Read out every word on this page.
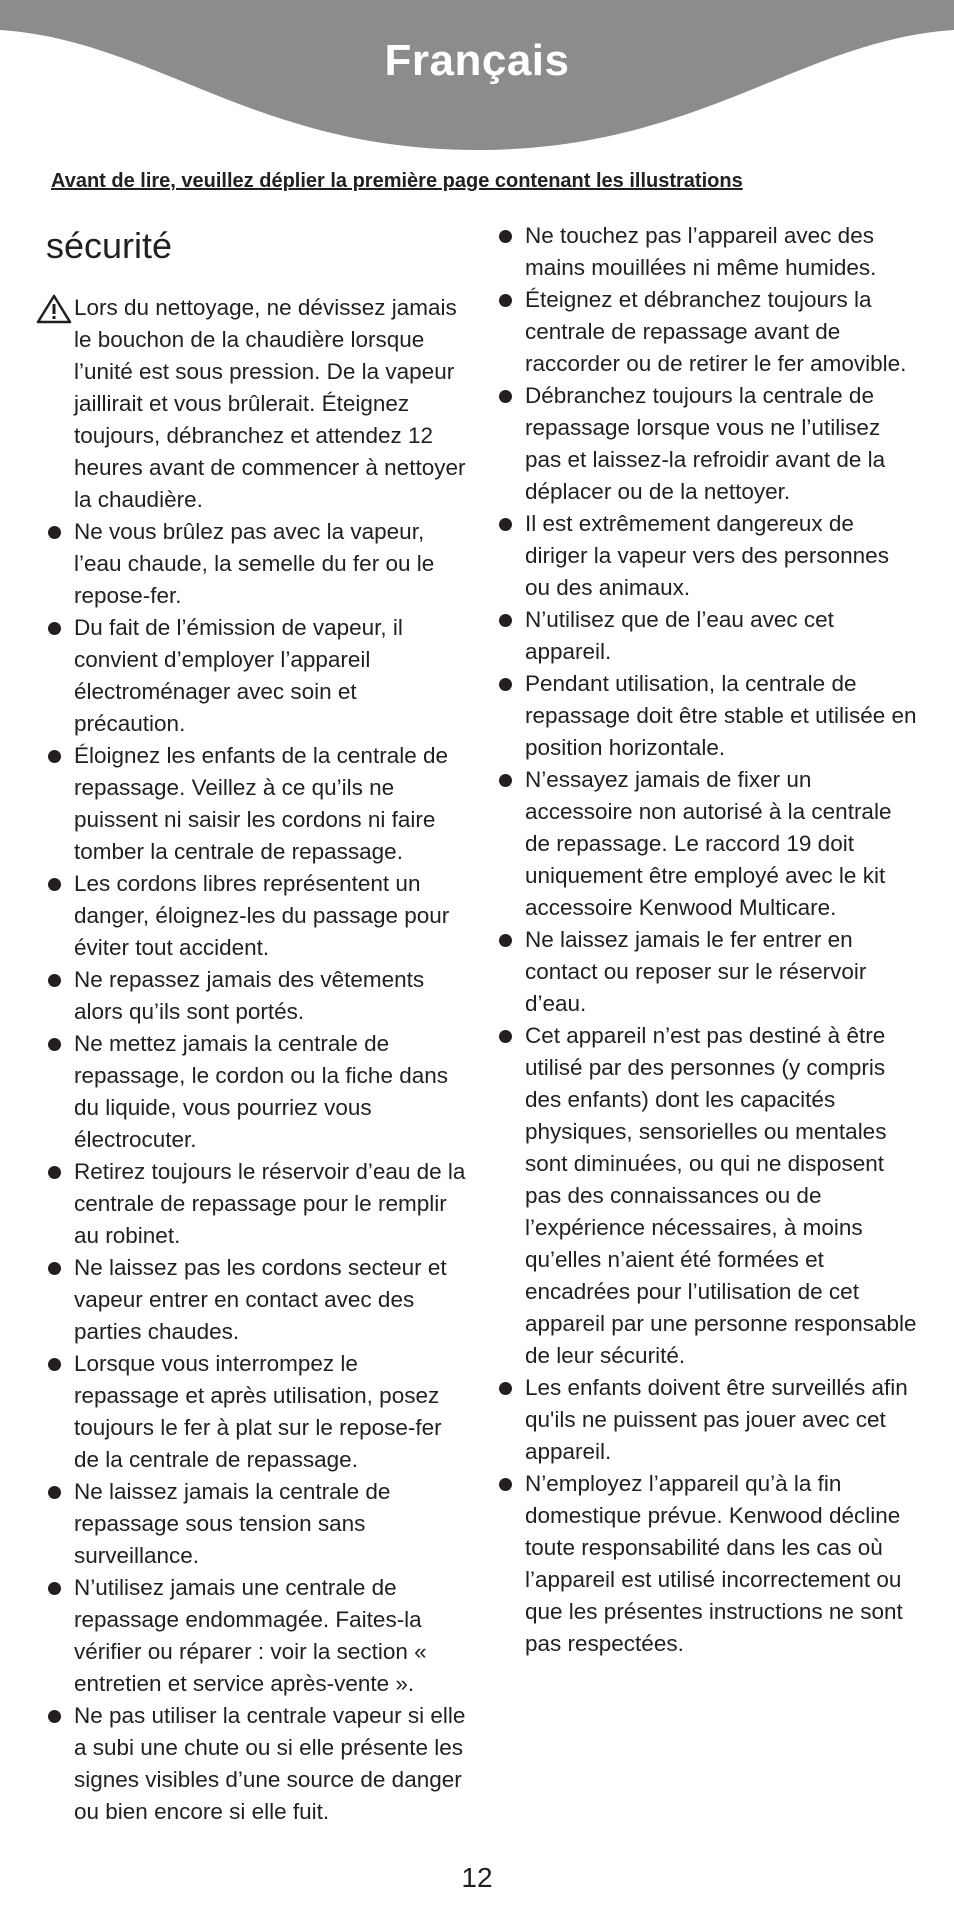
Français
Avant de lire, veuillez déplier la première page contenant les illustrations
sécurité
Lors du nettoyage, ne dévissez jamais le bouchon de la chaudière lorsque l’unité est sous pression. De la vapeur jaillirait et vous brûlerait. Éteignez toujours, débranchez et attendez 12 heures avant de commencer à nettoyer la chaudière.
Ne vous brûlez pas avec la vapeur, l’eau chaude, la semelle du fer ou le repose-fer.
Du fait de l’émission de vapeur, il convient d’employer l’appareil électroménager avec soin et précaution.
Éloignez les enfants de la centrale de repassage. Veillez à ce qu’ils ne puissent ni saisir les cordons ni faire tomber la centrale de repassage.
Les cordons libres représentent un danger, éloignez-les du passage pour éviter tout accident.
Ne repassez jamais des vêtements alors qu’ils sont portés.
Ne mettez jamais la centrale de repassage, le cordon ou la fiche dans du liquide, vous pourriez vous électrocuter.
Retirez toujours le réservoir d’eau de la centrale de repassage pour le remplir au robinet.
Ne laissez pas les cordons secteur et vapeur entrer en contact avec des parties chaudes.
Lorsque vous interrompez le repassage et après utilisation, posez toujours le fer à plat sur le repose-fer de la centrale de repassage.
Ne laissez jamais la centrale de repassage sous tension sans surveillance.
N’utilisez jamais une centrale de repassage endommagée. Faites-la vérifier ou réparer : voir la section « entretien et service après-vente ».
Ne pas utiliser la centrale vapeur si elle a subi une chute ou si elle présente les signes visibles d’une source de danger ou bien encore si elle fuit.
Ne touchez pas l’appareil avec des mains mouillées ni même humides.
Éteignez et débranchez toujours la centrale de repassage avant de raccorder ou de retirer le fer amovible.
Débranchez toujours la centrale de repassage lorsque vous ne l’utilisez pas et laissez-la refroidir avant de la déplacer ou de la nettoyer.
Il est extrêmement dangereux de diriger la vapeur vers des personnes ou des animaux.
N’utilisez que de l’eau avec cet appareil.
Pendant utilisation, la centrale de repassage doit être stable et utilisée en position horizontale.
N’essayez jamais de fixer un accessoire non autorisé à la centrale de repassage. Le raccord 19 doit uniquement être employé avec le kit accessoire Kenwood Multicare.
Ne laissez jamais le fer entrer en contact ou reposer sur le réservoir d’eau.
Cet appareil n’est pas destiné à être utilisé par des personnes (y compris des enfants) dont les capacités physiques, sensorielles ou mentales sont diminuées, ou qui ne disposent pas des connaissances ou de l’expérience nécessaires, à moins qu’elles n’aient été formées et encadrées pour l’utilisation de cet appareil par une personne responsable de leur sécurité.
Les enfants doivent être surveillés afin qu'ils ne puissent pas jouer avec cet appareil.
N’employez l’appareil qu’à la fin domestique prévue. Kenwood décline toute responsabilité dans les cas où l’appareil est utilisé incorrectement ou que les présentes instructions ne sont pas respectées.
12
